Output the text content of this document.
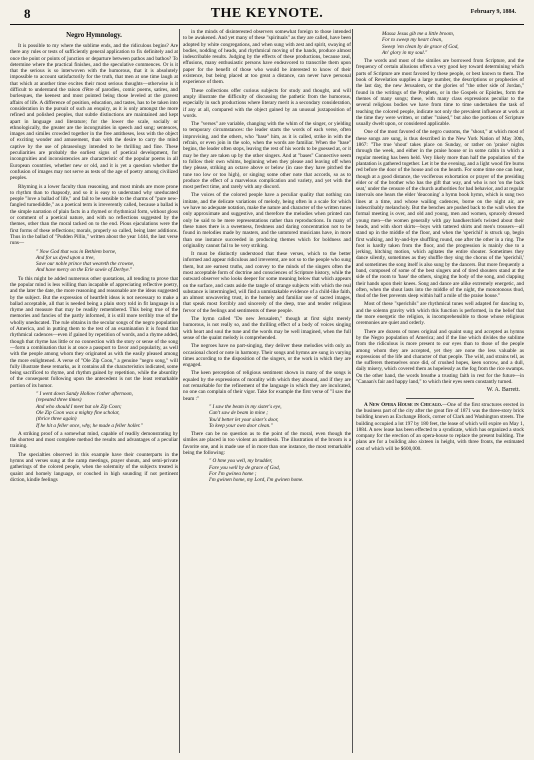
8	THE KEYNOTE.	February 9, 1884.
Negro Hymnology.

It is possible to my where the sublime ends, and the ridiculous begins? Are there any rules or tests of sufficiently general application to fix definitely and at once the point or points of junction or departure between pathos and bathos? To determine where the practical finishes, and the speculative commences. Or is it that the serious is so interwoven with the humorous, that it is absolutely impossible to account satisfactorily for the truth, that men at one time laugh at that which at another time excites their most serious thoughts—otherwise is it difficult to understand the raison d'être of parodies, comic poems, satires, and burlesques, the keenest and most pointed being those leveled at the gravest affairs of life. A difference of position, education, and tastes, has to be taken into consideration in the pursuit of such an enquiry, as it is only amongst the more refined and polished peoples, that subtle distinctions are maintained and kept apart in language and literature; for the lower the scale, socially or ethnologically, the greater are the incongruities in speech and song; sentences, images and similes crowded together in the free antitheses, less with the object of exciting wonder and amusement, than with the desire to carry the mind captive by the use of phraseology intended to be thrilling and fine. These peculiarities are probably the earliest signs of poetical development, for incongruities and inconsistencies are characteristic of the popular poems in all European countries, whether new or old, and it is yet a question whether the confusion of images may not serve as tests of the age of poetry among civilized peoples.

Rhyming is a lower faculty than reasoning, and most minds are more prone to rhythm than to rhapsody, and so it is easy to understand why uneducated people "love a ballad of life," and fail to be sensible to the charms of "pure new-fangled turnediddle," as a poetical term is irreverently called, because a ballad is the simple narration of plain facts in a rhymed or rhythmical form, without gloss or comment of a poetical nature, and with no reflections suggested by the themes, other than the moral tacked on to the end. Pious ejaculations were the first forms of these reflections; morals, properly so called, being later additions. Thus in the ballad of "Pudden Pillin," written about the year 1444, the last verse runs—

" Now God that was in Bethlem borne,
And for us dyed upon a tree,
Save our noble prince that weareth the crowne,
And have mercy on the Erle sowle of Derbye."

To this might be added numerous other quotations, all tending to prove that the popular mind is less willing than incapable of appreciating reflective poetry, and the later the date, the more reasoning and reasonable are the ideas suggested by the subject. But the expression of heartfelt ideas is not necessary to make a ballad acceptable, all that is needed being a plain story told in fit language in a rhyme and measure that may be readily remembered. This being true of the memories and fancies of the partly informed, it is still more terribly true of the wholly uneducated. The rule obtains in the secular songs of the negro population of America, and in putting them to the test of an examination it is found that rhythmical cadences—even if gained by repetition of words, and a rhyme added, though that rhyme has little or no connection with the story or sense of the song—form a combination that is at once a passport to favor and popularity, as well with the people among whom they originated as with the easily pleased among the more enlightened. A verse of "Ole Zip Coon," a genuine "negro song," will fully illustrate these remarks, as it contains all the characteristics indicated, some being sacrificed to rhyme, and rhythm gained by repetition, while the absurdity of the consequent following upon the antecedent is not the least remarkable portion of its humor.

" I went down Sandy Hollow t'other afternoon,
(repeated three times)
And who should I meet but ole Zip Coon;
Ole Zip Coon was a mighty fine scholar,
(thrice three again)
If he hit a feller once, why, he made a feller holler."

A striking proof of a somewhat mind, capable of readily demonstrating by the shortest and most complete method the results and advantages of a peculiar training.

The specialties observed in this example have their counterparts in the hymns and verses sung at the camp meetings, prayer shouts, and semi-private gatherings of the colored people, when the solemnity of the subjects treated is quaint and homely language, or couched in high sounding if not pertinent diction, kindle feelings

in the minds of disinterested observers somewhat foreign to those intended to be awakened. And yet many of these "spirituals" as they are called, have been adopted by white congregations, and when sung with zest and spirit, swaying of bodies, nodding of heads, and rhythmical moving of the hands, produce almost indescribable results. Judging by the effects of these productions, because zeal, effusions, many enthusiastic persons have endeavored to transcribe them upon paper for the benefit of those who would be interested to know of their existence, but being placed at too great a distance, can never have personal experience of them.

These collections offer curious subjects for study and thought, and will amply illustrate the difficulty of discussing the pathetic from the humorous, especially in such productions where literary merit is a secondary consideration, if any at all, compared with the object gained by an unusual juxtaposition of words.

The "verses" are variable, changing with the whim of the singer, or yielding to temporary circumstances: the leader starts the words of each verse, often improvising, and the others, who "base" him, as it is called, strike in with the refrain, or even join in the solo, when the words are familiar. When the "base" begins, the leader often stops, leaving the rest of his words to be guessed at, or it may be they are taken up by the other singers. And at "bases" Connective seem to follow their own whims, beginning when they please and leaving off when they please, striking an octave above or below (in case they have pitched the tune too low or too high), or singing some other note that accords, so as to produce the effect of a marvelous complication and variety, and yet with the most perfect time, and rarely with any discord.

The voices of the colored people have a peculiar quality that nothing can imitate, and the delicate variations of melody, being often in a scale for which we have no adequate notation, make the nature and character of the written tunes only approximate and suggestive, and therefore the melodies when printed can only be said to be mere representations rather than reproductions. In many of these tunes there is a sweetness, freshness and daring concentration not to be found in melodies made by masters, and the untutored musicians have, in more than one instance succeeded in producing themes which for boldness and originality cannot fail to be very striking.

It must be distinctly understood that these verses, which to the better informed and appear ridiculous and irreverent, are not so to the people who sung them, but are earnest truths, and convey to the minds of the singers often the most acceptable form of doctrine and consciences of Scripture history, while the outward observer who looks deeper for some meaning below that which appears on the surface, and casts aside the tangle of strange subjects with which the real substance is intermingled, will find a unmistakable evidence of a child-like faith, an almost unwavering trust, in the homely and familiar use of sacred images, that speak most forcibly and sincerely of the deep, true and tender religious fervor of the feelings and sentiments of these people.

The hymn called "Do new Jerusalem," though at first sight merely humorous, is not really so, and the thrilling effect of a body of voices singing with heart and soul the tune and the words may be well imagined, when the full sense of the quaint melody is comprehended.

The negroes have no part-singing, they deliver these melodies with only an occasional chord or note in harmony. Their songs and hymns are sung in varying times according to the disposition of the singers, or the work in which they are engaged.

The keen perception of religious sentiment shown in many of the songs is equaled by the expressions of morality with which they abound, and if they are not remarkable for the refinement of the language in which they are inculcated, no one can complain of their vigor. Take for example the first verse of "I saw the beam :"

" I saw the beam in my sister's eye,
Can't saw de beam in mine ;
You'd better let your sister's door,
To keep your own door clean."

There can be no question as to the point of the moral, even though the similes are placed in too violent an antithesis. The illustration of the broom is a favorite one, and is made use of in more than one instance, the most remarkable being the following:

" O hme you well, my brudder,
Fare you well by de grace of God,
For I'm gwinea home ;
I'm gwinen home, my Lord, I'm gwinen home.
Massa Jesus gib me a little broom,
For to sweep my heart clean,
Sweep 'em clean by de grace of God,
An' glory in my soul."

The words and most of the similes are borrowed from Scripture, and the frequency of certain allusions offers a very good key toward determining which parts of Scripture are most favored by these people, or best known to them. The book of Revelation supplies a large number, the descriptions or prophecies of the last day, the new Jerusalem, or the glories of "the other side of Jordan," found in the writings of the Prophets, or in the Gospels or Epistles, form the themes of many songs; these, with many class expressions peculiar to the several religious bodies we have from time to time undertaken the task of teaching the colored people, indicate not only the prevalent influence at work at the time they were written, or rather "raised," but also the portions of Scripture usually dwelt upon, or considered applicable.

One of the most favored of the negro customs, the "shout," at which most of these songs are sung, is thus described in the New York Nation of May 30th, 1867: "The true 'shout' takes place on Sunday, or rather on 'praise' nights through the week, and either in the praise house or in some cabin in which a regular meeting has been held. Very likely more than half the population of the plantation is gathered together. Let it be the evening, and a light wood fire burns red before the door of the house and on the hearth. For some time one can hear, though at a good distance, the vociferous exhortation or prayer of the presiding elder or of the brother who has the gift that way, and who is not 'on the back seat,' under the censure of the church authorities for bad behavior, and at regular intervals one hears the elder 'deaconing' a hymn book hymn, which is sung two lines at a time, and whose wailing cadences, borne on the night air, are indescribably melancholy. But the benches are pushed back to the wall when the formal meeting is over, and old and young, men and women, sprucely dressed young men—the women generally with gay handkerchiefs twisted about their heads, and with short skirts—boys with tattered shirts and men's trousers—all stand up in the middle of the floor, and when the 'sperichil' is struck up, begin first walking, and by-and-bye shuffling round, one after the other in a ring. The foot is hardly taken from the floor, and the progression is mainly due to a jerking, hitching motion, which agitates the entire shouter. Sometimes they dance silently, sometimes as they shuffle they sing the chorus of the 'sperichil,' and sometimes the song itself is also sung by the dancers. But more frequently a band, composed of some of the best singers and of tired shouters stand at the side of the room to 'base' the others, singing the body of the song, and clapping their hands upon their knees. Song and dance are alike extremely energetic, and often, when the shout lasts into the middle of the night, the monotonous thud, thud of the feet prevents sleep within half a mile of the praise house."

Most of these "sperichils" are rhythmical tunes well adapted for dancing to, and the solemn gravity with which this function is performed, in the belief that the more energetic the religion, is incomprehensible to those whose religious ceremonies are quiet and orderly.

There are dozens of tunes original and quaint sung and accepted as hymns by the Negro population of America; and if the line which divides the sublime from the ridiculous is more present to our eyes than to those of the people among whom they are accepted, yet they are none the less valuable as expressions of the life and character of that people. The wild, and strains tell, as the sufferers themselves once did, of crushed hopes, keen sorrow, and a dull, daily misery, which covered them as hopelessly as the fog from the rice swamps. On the other hand, the words breathe a trusting faith in rest for the future—in "Canaan's fair and happy land," to which their eyes seem constantly turned.

W. A. Barrett.

A New Opera House in Chicago.—One of the first structures erected in the business part of the city after the great fire of 1871 was the three-story brick building known as Exchange Block, corner of Clark and Washington streets. The building occupied a lot 197 by 180 feet, the lease of which will expire on May 1, 1884. A new lease has been effected to a syndicate, which has organized a stock company for the erection of an opera-house to replace the present building. The plans are for a building also sixteen in height, with three fronts, the estimated cost of which will be $600,000.
